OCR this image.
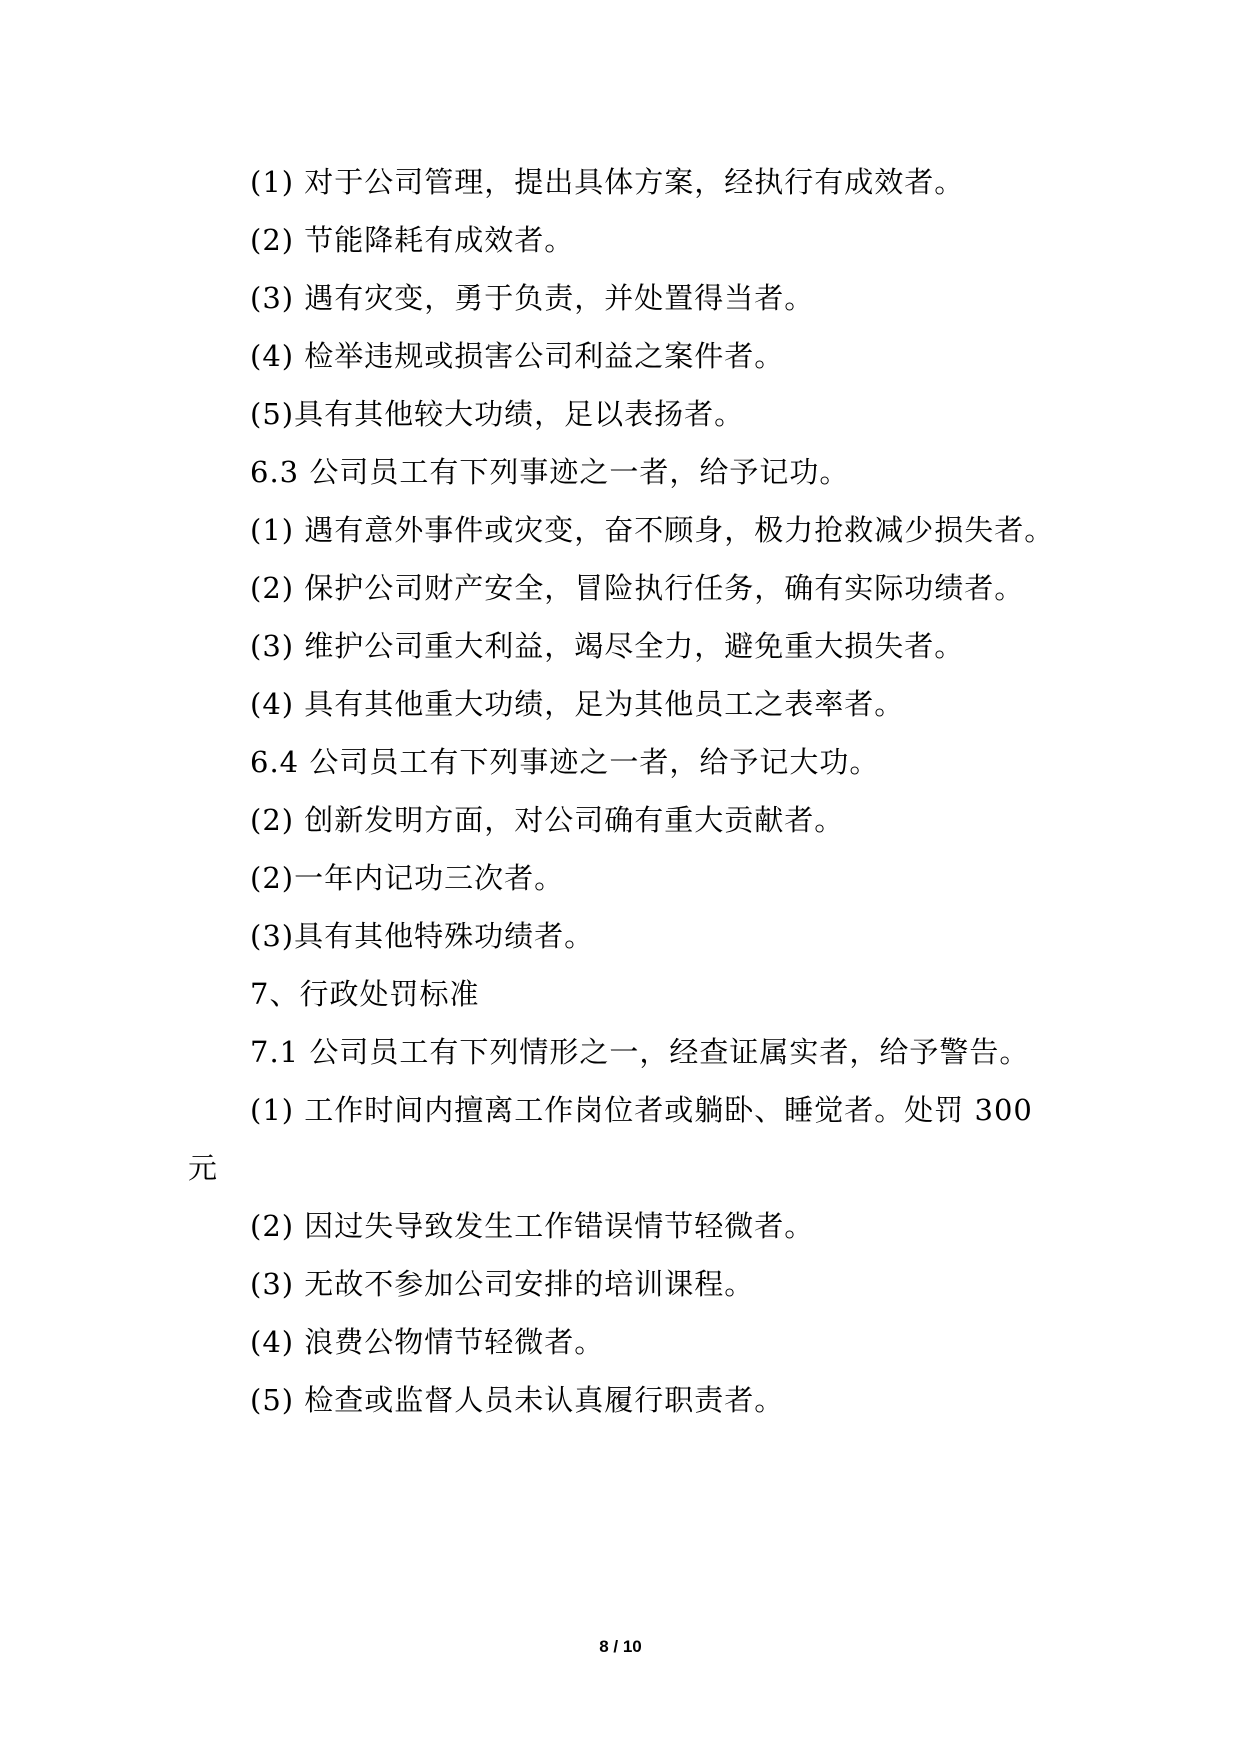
(1) 对于公司管理，提出具体方案，经执行有成效者。
(2) 节能降耗有成效者。
(3) 遇有灾变，勇于负责，并处置得当者。
(4) 检举违规或损害公司利益之案件者。
(5)具有其他较大功绩，足以表扬者。
6.3 公司员工有下列事迹之一者，给予记功。
(1) 遇有意外事件或灾变，奋不顾身，极力抢救减少损失者。
(2) 保护公司财产安全，冒险执行任务，确有实际功绩者。
(3) 维护公司重大利益，竭尽全力，避免重大损失者。
(4) 具有其他重大功绩，足为其他员工之表率者。
6.4 公司员工有下列事迹之一者，给予记大功。
(2) 创新发明方面，对公司确有重大贡献者。
(2)一年内记功三次者。
(3)具有其他特殊功绩者。
7、行政处罚标准
7.1 公司员工有下列情形之一，经查证属实者，给予警告。
(1) 工作时间内擅离工作岗位者或躺卧、睡觉者。处罚 300
元
(2) 因过失导致发生工作错误情节轻微者。
(3) 无故不参加公司安排的培训课程。
(4) 浪费公物情节轻微者。
(5) 检查或监督人员未认真履行职责者。
8 / 10
